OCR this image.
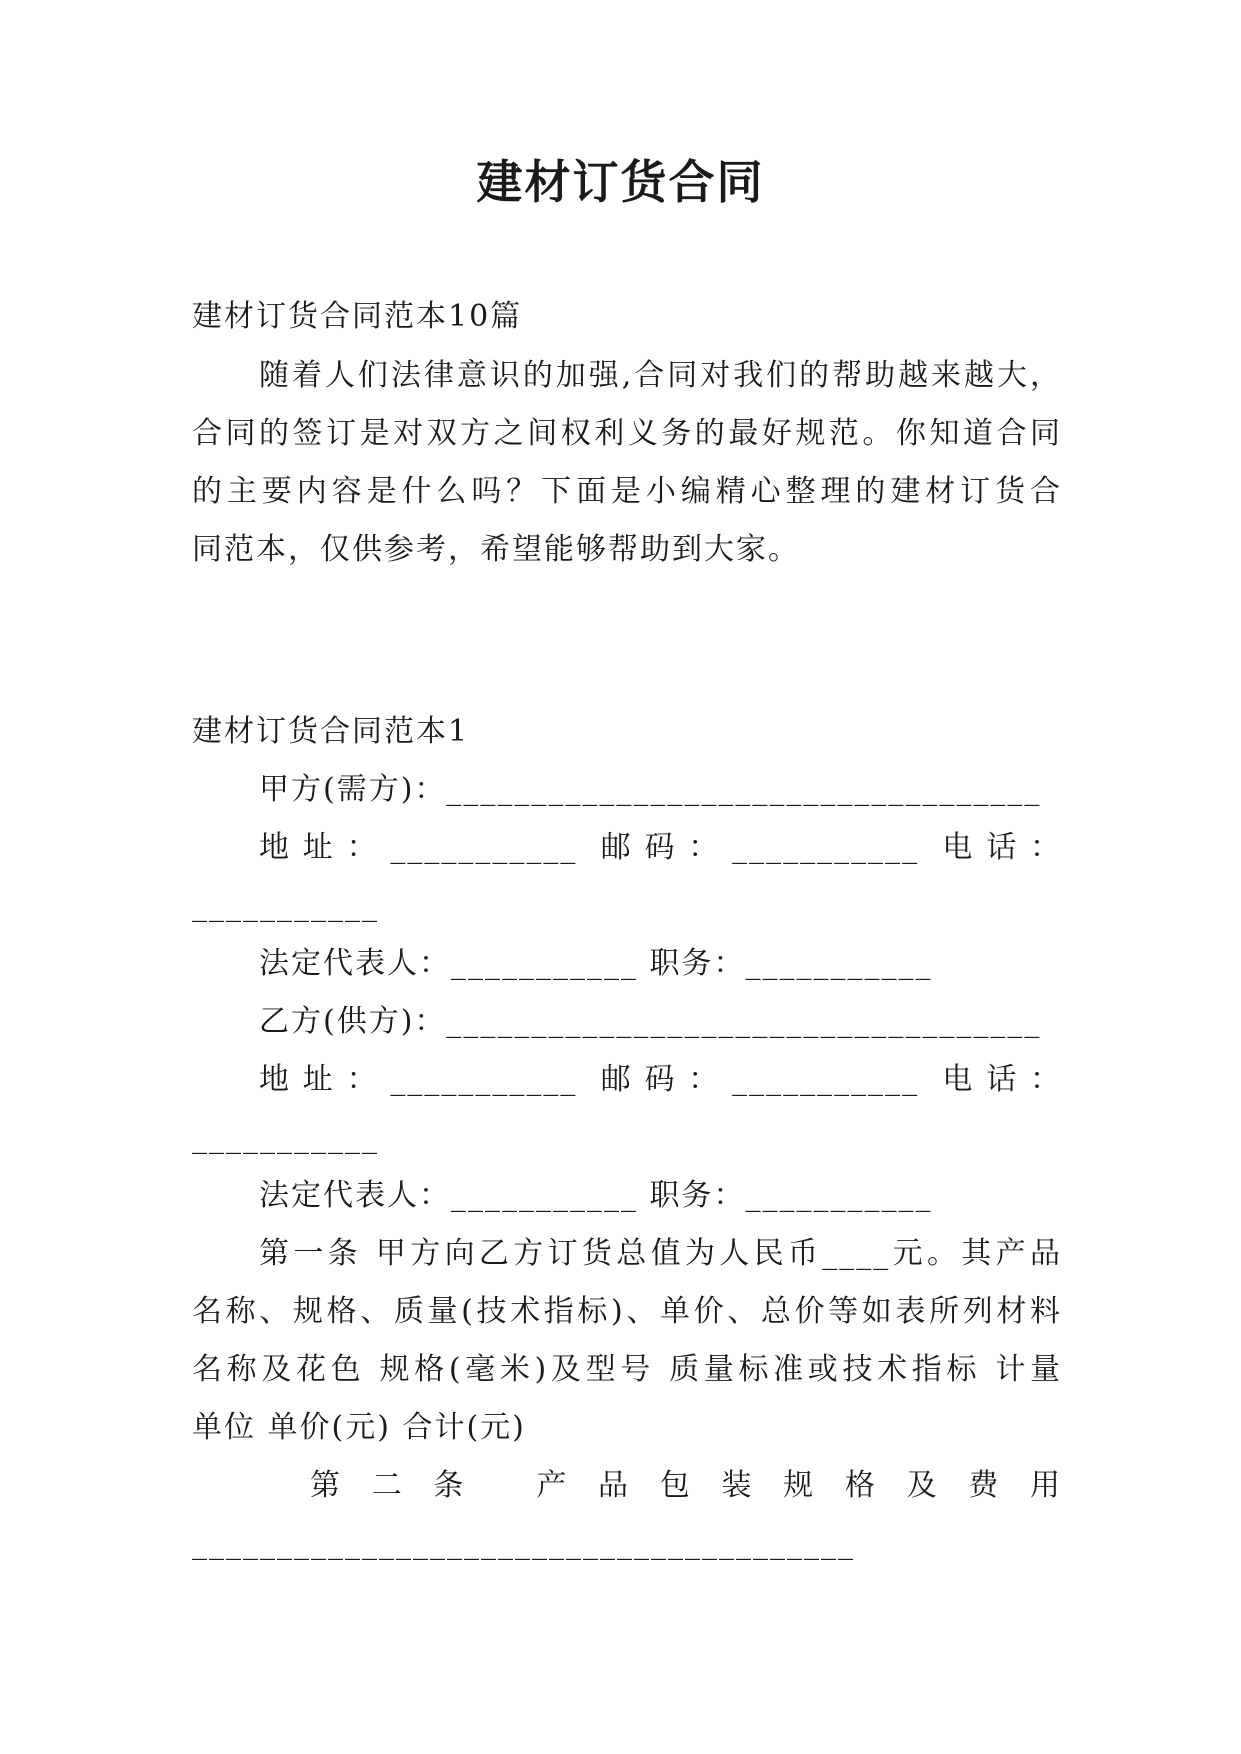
建材订货合同
建材订货合同范本10篇
随着人们法律意识的加强,合同对我们的帮助越来越大，
合同的签订是对双方之间权利义务的最好规范。你知道合同
的主要内容是什么吗？下面是小编精心整理的建材订货合
同范本，仅供参考，希望能够帮助到大家。
建材订货合同范本1
甲方(需方)：___________________________________
地址：___________ 邮码：___________ 电话：
___________
法定代表人：___________ 职务：___________
乙方(供方)：___________________________________
地址：___________ 邮码：___________ 电话：
___________
法定代表人：___________ 职务：___________
第一条 甲方向乙方订货总值为人民币____元。其产品
名称、规格、质量(技术指标)、单价、总价等如表所列材料
名称及花色 规格(毫米)及型号 质量标准或技术指标 计量
单位 单价(元) 合计(元)
第二条 产品包装规格及费用
_______________________________________
